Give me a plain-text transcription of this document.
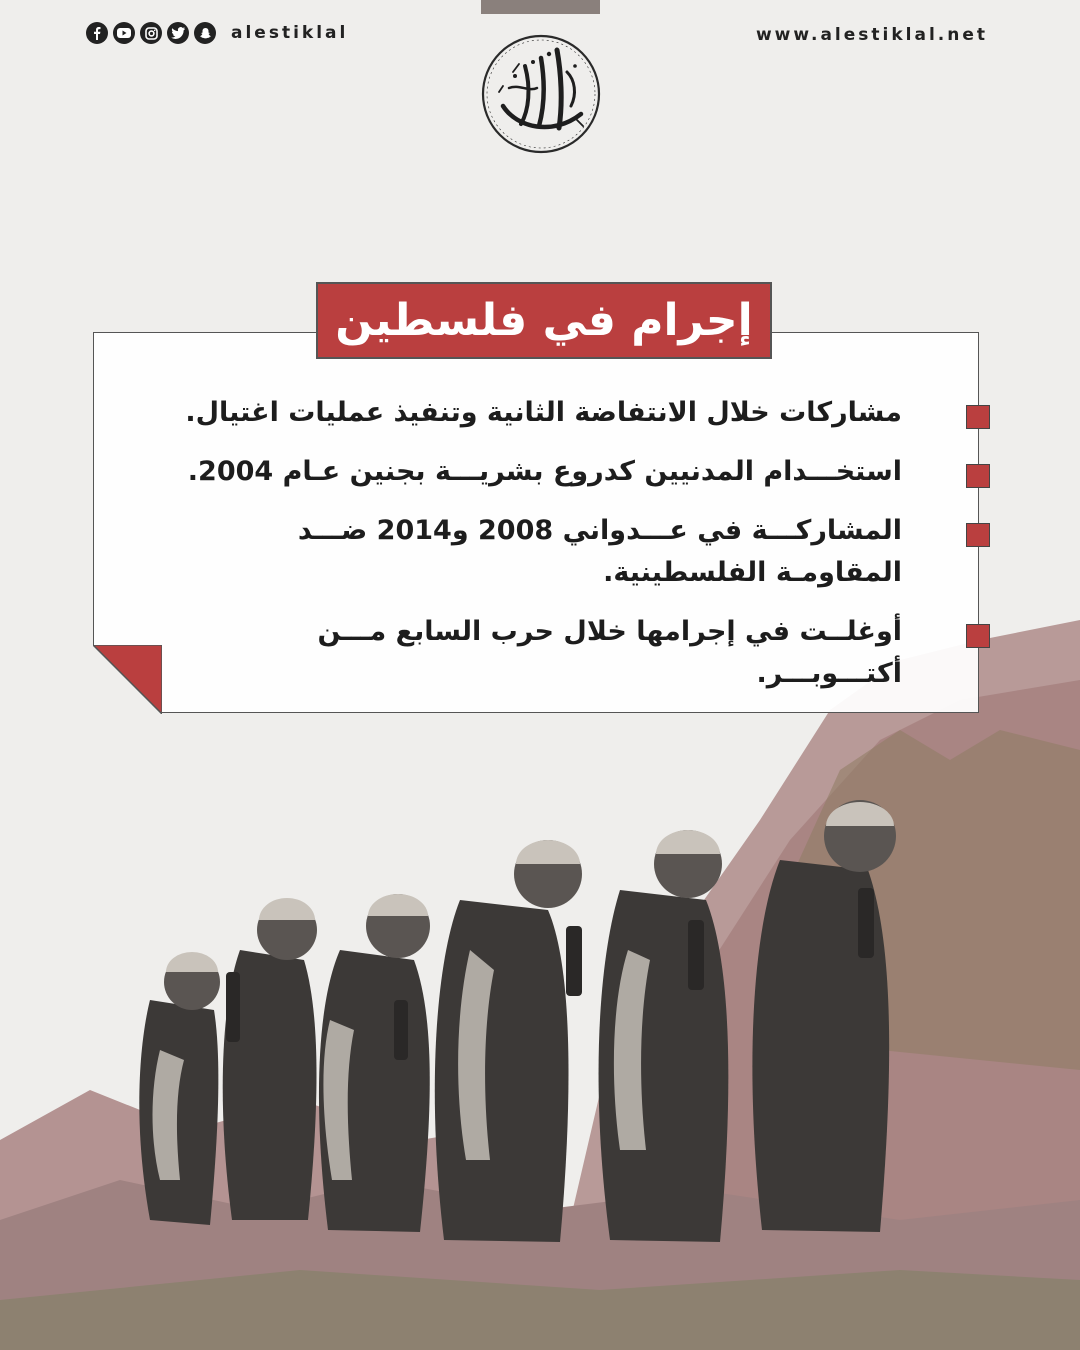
alestiklal	www.alestiklal.net
إجرام في فلسطين
مشاركات خلال الانتفاضة الثانية وتنفيذ عمليات اغتيال.
استخـــدام المدنيين كدروع بشريـــة بجنين عـام 2004.
المشاركـــة في عـــدواني 2008 و2014 ضـــد المقاومـة الفلسطينية.
أوغلــت في إجرامها خلال حرب السابع مـــن أكتـــوبـــر.
